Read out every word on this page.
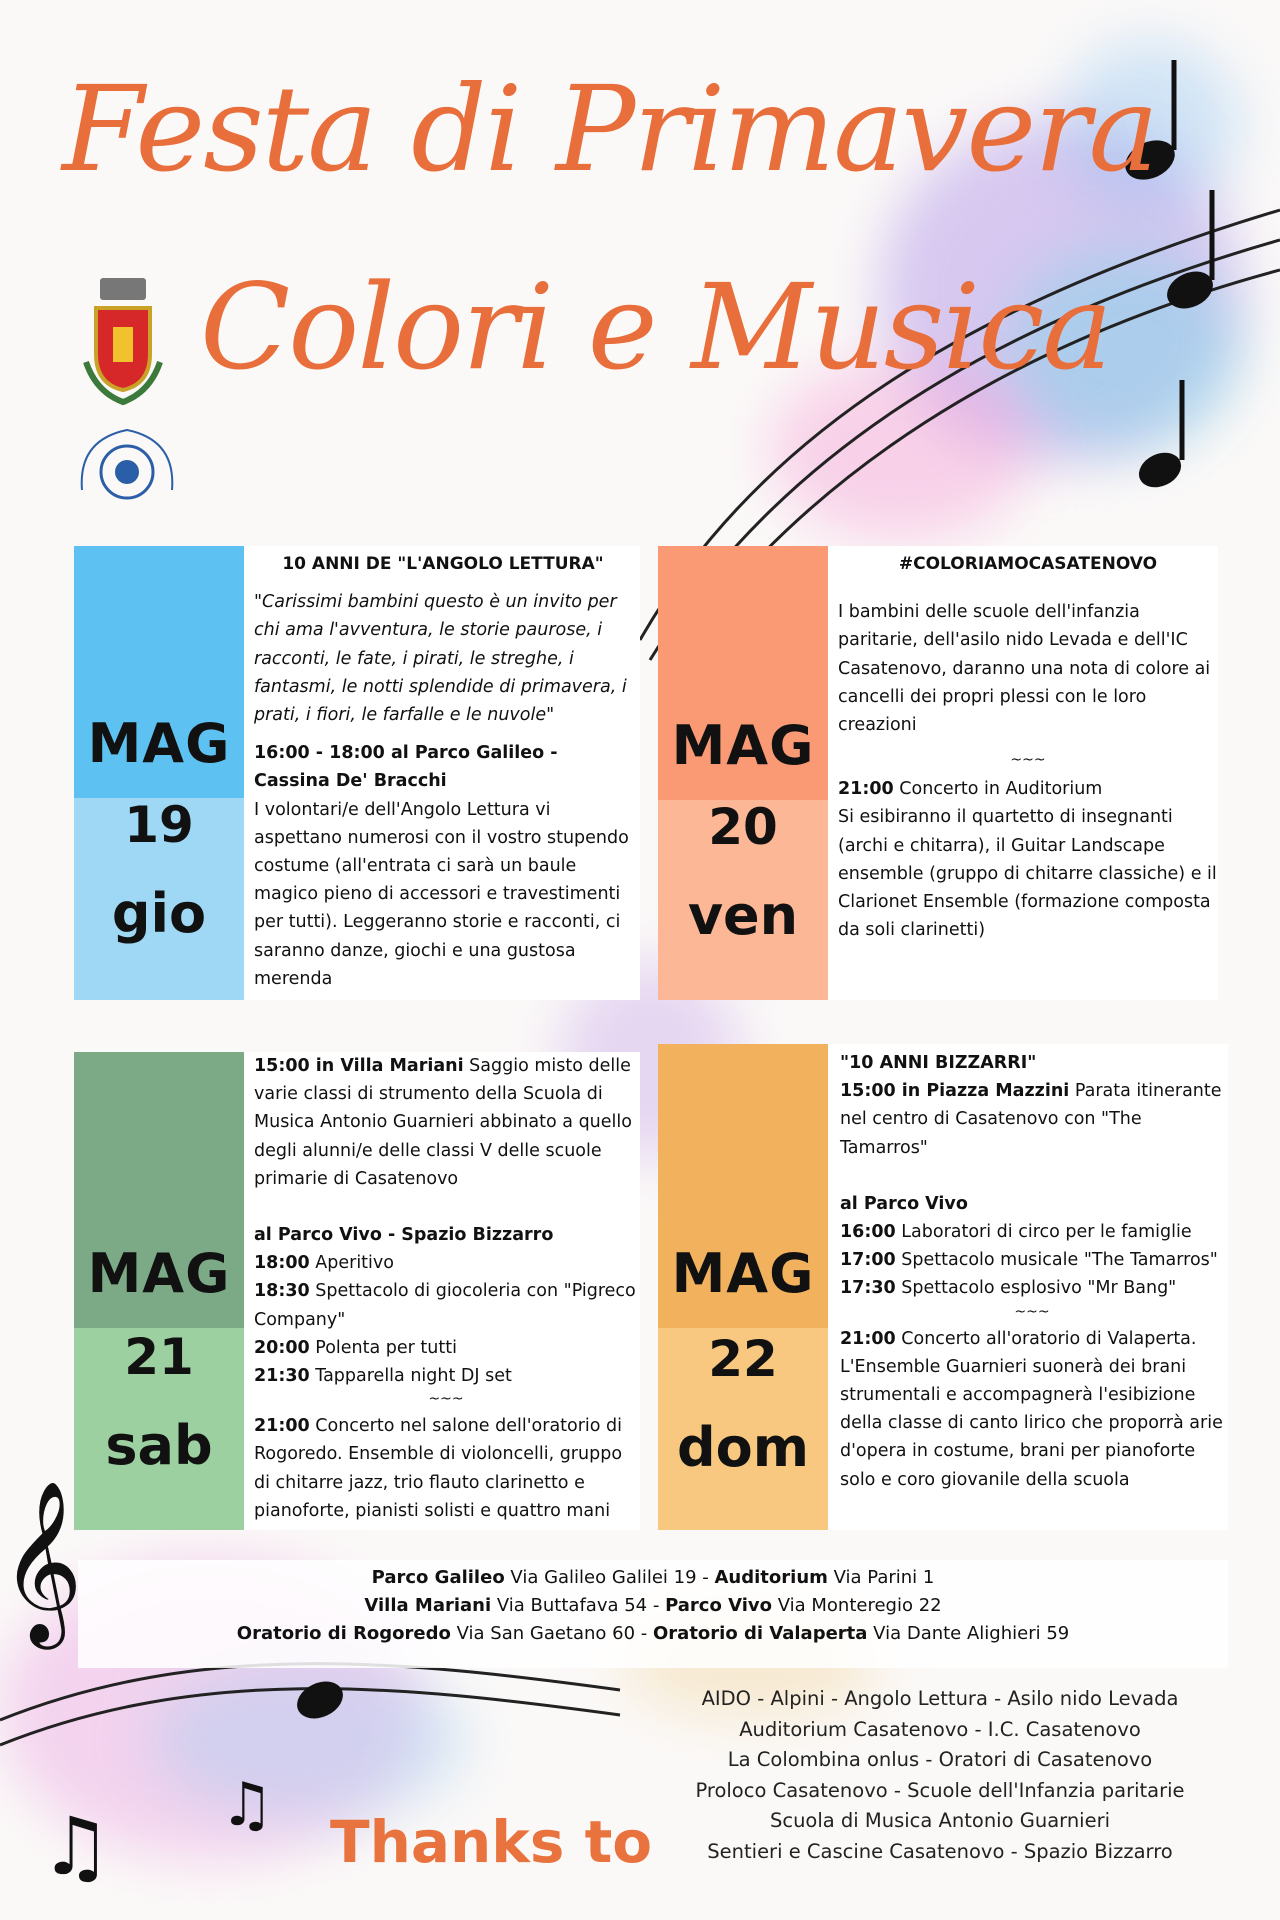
Festa di Primavera
Colori e Musica
MAG
19
gio

10 ANNI DE "L'ANGOLO LETTURA"

"Carissimi bambini questo è un invito per chi ama l'avventura, le storie paurose, i racconti, le fate, i pirati, le streghe, i fantasmi, le notti splendide di primavera, i prati, i fiori, le farfalle e le nuvole"

16:00 - 18:00 al Parco Galileo - Cassina De' Bracchi

I volontari/e dell'Angolo Lettura vi aspettano numerosi con il vostro stupendo costume (all'entrata ci sarà un baule magico pieno di accessori e travestimenti per tutti). Leggeranno storie e racconti, ci saranno danze, giochi e una gustosa merenda

MAG
20
ven

#COLORIAMOCASATENOVO

I bambini delle scuole dell'infanzia paritarie, dell'asilo nido Levada e dell'IC Casatenovo, daranno una nota di colore ai cancelli dei propri plessi con le loro creazioni

~~~

21:00 Concerto in Auditorium

Si esibiranno il quartetto di insegnanti (archi e chitarra), il Guitar Landscape ensemble (gruppo di chitarre classiche) e il Clarionet Ensemble (formazione composta da soli clarinetti)

MAG
21
sab

15:00 in Villa Mariani Saggio misto delle varie classi di strumento della Scuola di Musica Antonio Guarnieri abbinato a quello degli alunni/e delle classi V delle scuole primarie di Casatenovo

al Parco Vivo - Spazio Bizzarro

18:00 Aperitivo

18:30 Spettacolo di giocoleria con "Pigreco Company"

20:00 Polenta per tutti

21:30 Tapparella night DJ set

~~~

21:00 Concerto nel salone dell'oratorio di Rogoredo. Ensemble di violoncelli, gruppo di chitarre jazz, trio flauto clarinetto e pianoforte, pianisti solisti e quattro mani

MAG
22
dom

"10 ANNI BIZZARRI"

15:00 in Piazza Mazzini Parata itinerante nel centro di Casatenovo con "The Tamarros"

al Parco Vivo

16:00 Laboratori di circo per le famiglie

17:00 Spettacolo musicale "The Tamarros"

17:30 Spettacolo esplosivo "Mr Bang"

~~~

21:00 Concerto all'oratorio di Valaperta. L'Ensemble Guarnieri suonerà dei brani strumentali e accompagnerà l'esibizione della classe di canto lirico che proporrà arie d'opera in costume, brani per pianoforte solo e coro giovanile della scuola

Parco Galileo Via Galileo Galilei 19 - Auditorium Via Parini 1
Villa Mariani Via Buttafava 54 - Parco Vivo Via Monteregio 22
Oratorio di Rogoredo Via San Gaetano 60 - Oratorio di Valaperta Via Dante Alighieri 59
AIDO - Alpini - Angolo Lettura - Asilo nido Levada
Auditorium Casatenovo - I.C. Casatenovo
La Colombina onlus - Oratori di Casatenovo
Proloco Casatenovo - Scuole dell'Infanzia paritarie
Scuola di Musica Antonio Guarnieri
Sentieri e Cascine Casatenovo - Spazio Bizzarro
Thanks to
♫ ♫
𝄞
